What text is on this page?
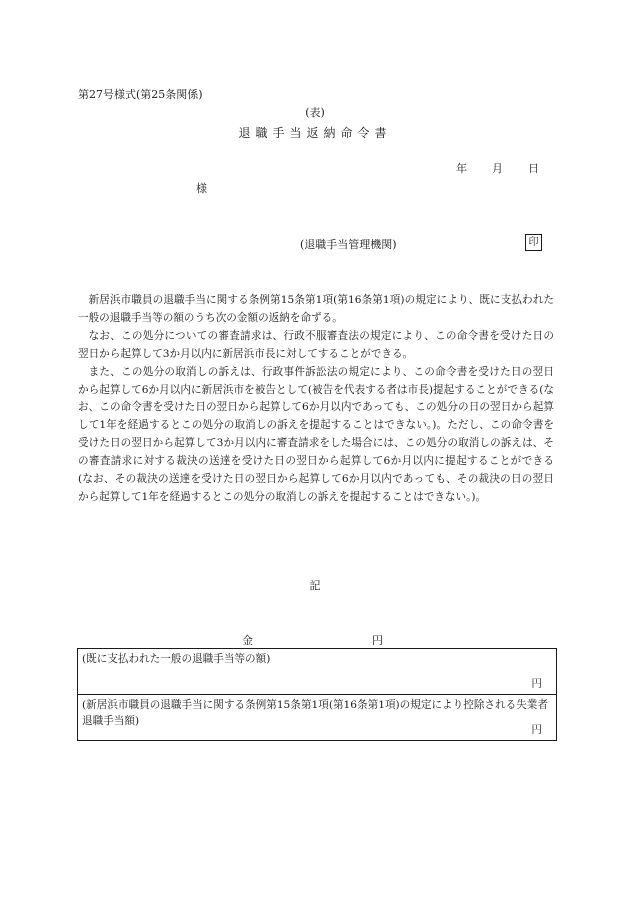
第27号様式(第25条関係)
(表)
退職手当返納命令書
年 月 日
様
(退職手当管理機関)	印

新居浜市職員の退職手当に関する条例第15条第1項(第16条第1項)の規定により、既に支払われた一般の退職手当等の額のうち次の金額の返納を命ずる。

なお、この処分についての審査請求は、行政不服審査法の規定により、この命令書を受けた日の翌日から起算して3か月以内に新居浜市長に対してすることができる。

また、この処分の取消しの訴えは、行政事件訴訟法の規定により、この命令書を受けた日の翌日から起算して6か月以内に新居浜市を被告として(被告を代表する者は市長)提起することができる(なお、この命令書を受けた日の翌日から起算して6か月以内であっても、この処分の日の翌日から起算して1年を経過するとこの処分の取消しの訴えを提起することはできない。)。ただし、この命令書を受けた日の翌日から起算して3か月以内に審査請求をした場合には、この処分の取消しの訴えは、その審査請求に対する裁決の送達を受けた日の翌日から起算して6か月以内に提起することができる(なお、その裁決の送達を受けた日の翌日から起算して6か月以内であっても、その裁決の日の翌日から起算して1年を経過するとこの処分の取消しの訴えを提起することはできない。)。

記
金	円
(既に支払われた一般の退職手当等の額)
円
(新居浜市職員の退職手当に関する条例第15条第1項(第16条第1項)の規定により控除される失業者退職手当額)
円
